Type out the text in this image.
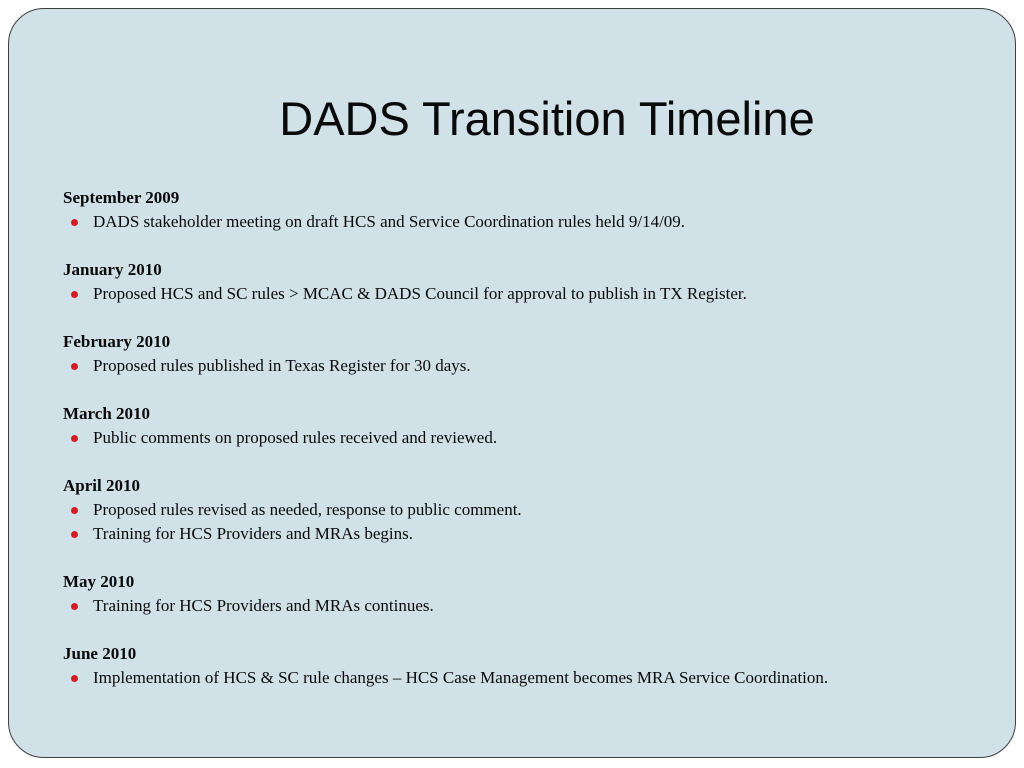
DADS Transition Timeline
September 2009
DADS stakeholder meeting on draft HCS and Service Coordination rules held 9/14/09.
January 2010
Proposed HCS and SC rules > MCAC & DADS Council for approval to publish in TX Register.
February 2010
Proposed rules published in Texas Register for 30 days.
March 2010
Public comments on proposed rules received and reviewed.
April 2010
Proposed rules revised as needed, response to public comment.
Training for HCS Providers and MRAs begins.
May 2010
Training for HCS Providers and MRAs continues.
June 2010
Implementation of HCS & SC rule changes – HCS Case Management becomes MRA Service Coordination.
